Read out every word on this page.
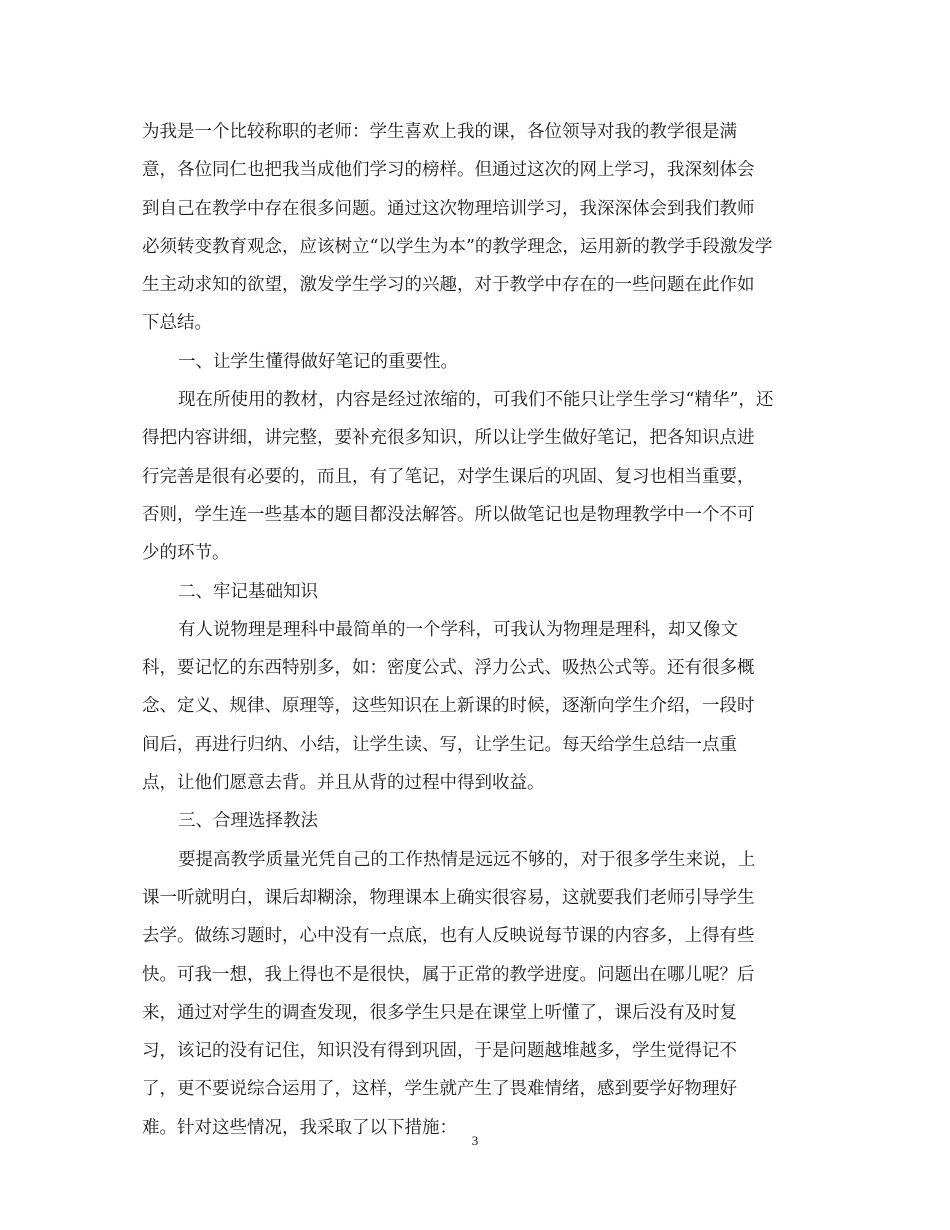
为我是一个比较称职的老师：学生喜欢上我的课，各位领导对我的教学很是满
意，各位同仁也把我当成他们学习的榜样。但通过这次的网上学习，我深刻体会
到自己在教学中存在很多问题。通过这次物理培训学习，我深深体会到我们教师
必须转变教育观念，应该树立“以学生为本”的教学理念，运用新的教学手段激发学
生主动求知的欲望，激发学生学习的兴趣，对于教学中存在的一些问题在此作如
下总结。
一、让学生懂得做好笔记的重要性。
现在所使用的教材，内容是经过浓缩的，可我们不能只让学生学习“精华”，还
得把内容讲细，讲完整，要补充很多知识，所以让学生做好笔记，把各知识点进
行完善是很有必要的，而且，有了笔记，对学生课后的巩固、复习也相当重要，
否则，学生连一些基本的题目都没法解答。所以做笔记也是物理教学中一个不可
少的环节。
二、牢记基础知识
有人说物理是理科中最简单的一个学科，可我认为物理是理科，却又像文
科，要记忆的东西特别多，如：密度公式、浮力公式、吸热公式等。还有很多概
念、定义、规律、原理等，这些知识在上新课的时候，逐渐向学生介绍，一段时
间后，再进行归纳、小结，让学生读、写，让学生记。每天给学生总结一点重
点，让他们愿意去背。并且从背的过程中得到收益。
三、合理选择教法
要提高教学质量光凭自己的工作热情是远远不够的，对于很多学生来说，上
课一听就明白，课后却糊涂，物理课本上确实很容易，这就要我们老师引导学生
去学。做练习题时，心中没有一点底，也有人反映说每节课的内容多，上得有些
快。可我一想，我上得也不是很快，属于正常的教学进度。问题出在哪儿呢？后
来，通过对学生的调查发现，很多学生只是在课堂上听懂了，课后没有及时复
习，该记的没有记住，知识没有得到巩固，于是问题越堆越多，学生觉得记不
了，更不要说综合运用了，这样，学生就产生了畏难情绪，感到要学好物理好
难。针对这些情况，我采取了以下措施：
3
